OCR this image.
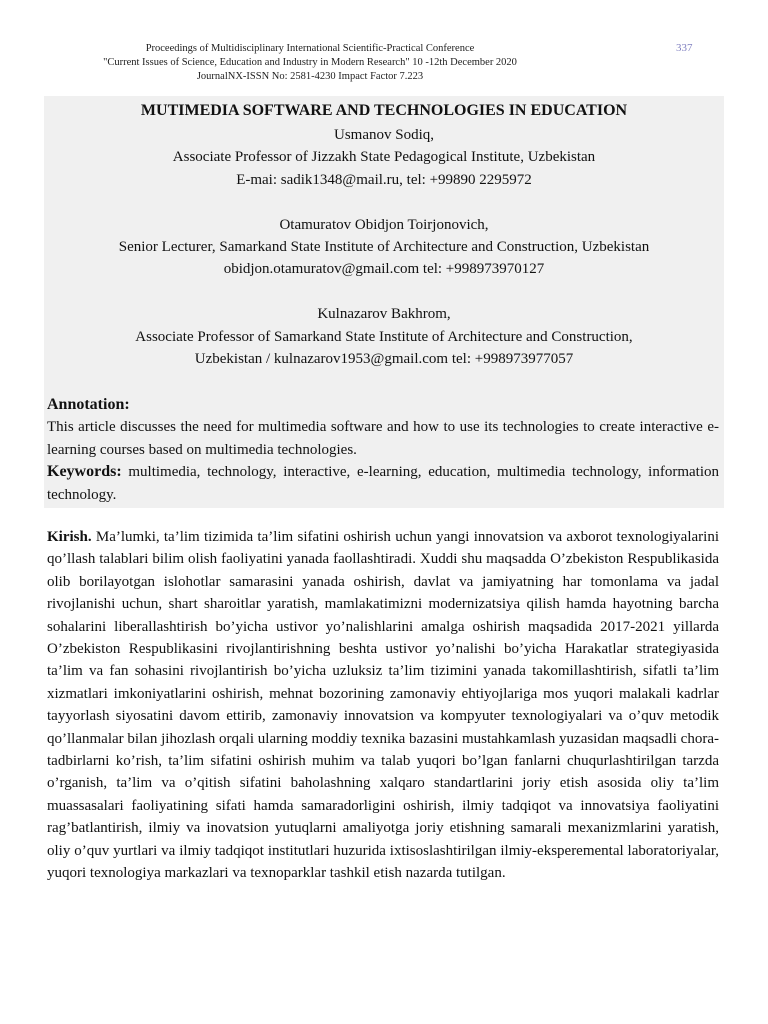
Proceedings of Multidisciplinary International Scientific-Practical Conference
"Current Issues of Science, Education and Industry in Modern Research" 10 -12th December 2020
JournalNX-ISSN No: 2581-4230 Impact Factor 7.223
337
MUTIMEDIA SOFTWARE AND TECHNOLOGIES IN EDUCATION
Usmanov Sodiq,
Associate Professor of Jizzakh State Pedagogical Institute, Uzbekistan
E-mai: sadik1348@mail.ru, tel: +99890 2295972
Otamuratov Obidjon Toirjonovich,
Senior Lecturer, Samarkand State Institute of Architecture and Construction, Uzbekistan
obidjon.otamuratov@gmail.com tel: +998973970127
Kulnazarov Bakhrom,
Associate Professor of Samarkand State Institute of Architecture and Construction,
Uzbekistan / kulnazarov1953@gmail.com tel: +998973977057
Annotation:
This article discusses the need for multimedia software and how to use its technologies to create interactive e-learning courses based on multimedia technologies.
Keywords: multimedia, technology, interactive, e-learning, education, multimedia technology, information technology.
Kirish. Ma’lumki, ta’lim tizimida ta’lim sifatini oshirish uchun yangi innovatsion va axborot texnologiyalarini qo’llash talablari bilim olish faoliyatini yanada faollashtiradi. Xuddi shu maqsadda O’zbekiston Respublikasida olib borilayotgan islohotlar samarasini yanada oshirish, davlat va jamiyatning har tomonlama va jadal rivojlanishi uchun, shart sharoitlar yaratish, mamlakatimizni modernizatsiya qilish hamda hayotning barcha sohalarini liberallashtirish bo’yicha ustivor yo’nalishlarini amalga oshirish maqsadida 2017-2021 yillarda O’zbekiston Respublikasini rivojlantirishning beshta ustivor yo’nalishi bo’yicha Harakatlar strategiyasida ta’lim va fan sohasini rivojlantirish bo’yicha uzluksiz ta’lim tizimini yanada takomillashtirish, sifatli ta’lim xizmatlari imkoniyatlarini oshirish, mehnat bozorining zamonaviy ehtiyojlariga mos yuqori malakali kadrlar tayyorlash siyosatini davom ettirib, zamonaviy innovatsion va kompyuter texnologiyalari va o’quv metodik qo’llanmalar bilan jihozlash orqali ularning moddiy texnika bazasini mustahkamlash yuzasidan maqsadli chora-tadbirlarni ko’rish, ta’lim sifatini oshirish muhim va talab yuqori bo’lgan fanlarni chuqurlashtirilgan tarzda o’rganish, ta’lim va o’qitish sifatini baholashning xalqaro standartlarini joriy etish asosida oliy ta’lim muassasalari faoliyatining sifati hamda samaradorligini oshirish, ilmiy tadqiqot va innovatsiya faoliyatini rag’batlantirish, ilmiy va inovatsion yutuqlarni amaliyotga joriy etishning samarali mexanizmlarini yaratish, oliy o’quv yurtlari va ilmiy tadqiqot institutlari huzurida ixtisoslashtirilgan ilmiy-eksperemental laboratoriyalar, yuqori texnologiya markazlari va texnoparklar tashkil etish nazarda tutilgan.
